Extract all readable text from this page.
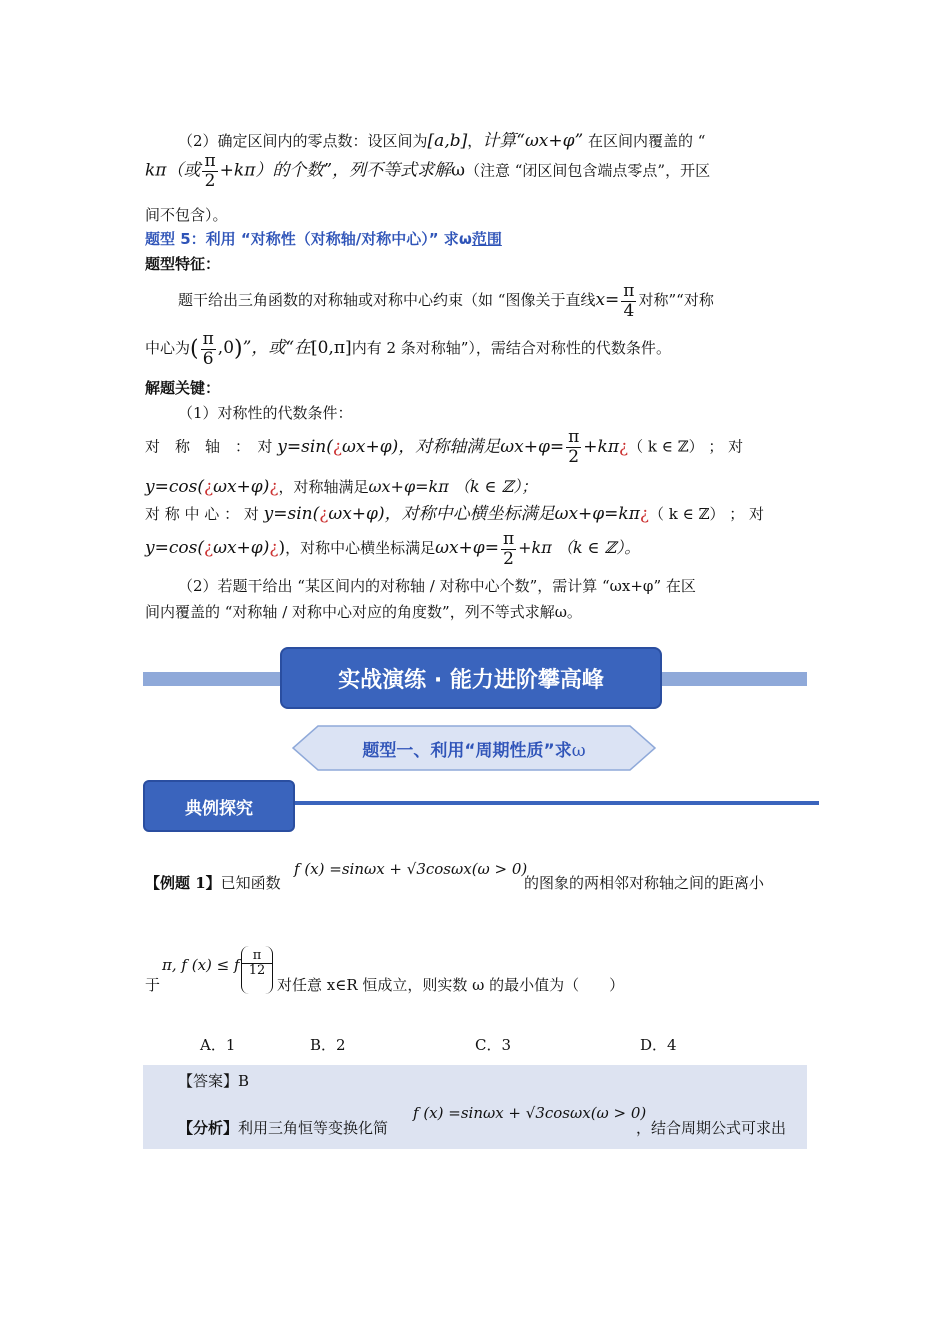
（2）确定区间内的零点数：设区间为[a,b]，计算“ωx+φ” 在区间内覆盖的 “
kπ（或 $\frac{\pi}{2} +k\pi$）的个数”，列不等式求解ω（注意 “闭区间包含端点零点”，开区
间不包含）。
题型 5：利用 “对称性（对称轴/对称中心）” 求ω范围
题型特征：
题干给出三角函数的对称轴或对称中心约束（如 “图像关于直线$x= \frac{\pi}{4}$ 对称”“对称
中心为( $\frac{\pi}{6} ,0$)”，或“在[0,π]内有 2 条对称轴”），需结合对称性的代数条件。
解题关键：
（1）对称性的代数条件：
对　称　轴　：　对 y=sin(¿ωx+φ)，对称轴满足$\omega x+\varphi= \frac{\pi}{2}$ +kπ¿（ k ∈ ℤ） ； 对
y=cos(¿ωx+φ)¿，对称轴满足ωx+φ=kπ （k ∈ ℤ）；
对 称 中 心 ： 对 y=sin(¿ωx+φ)，对称中心横坐标满足ωx+φ=kπ¿（ k ∈ ℤ） ； 对
y=cos(¿ωx+φ)¿)，对称中心横坐标满足$\omega x+\varphi= \frac{\pi}{2} +k\pi$ （k ∈ ℤ）。
（2）若题干给出 “某区间内的对称轴 / 对称中心个数”，需计算 “ωx+φ” 在区
间内覆盖的 “对称轴 / 对称中心对应的角度数”，列不等式求解ω。
实战演练 · 能力进阶攀高峰
题型一、利用“周期性质”求ω
典例探究
【例题 1】已知函数
f (x) =sinωx + √3cosωx(ω > 0)
的图象的两相邻对称轴之间的距离小
于
π, f (x) ≤ f
π
12
对任意 x∈R 恒成立，则实数 ω 的最小值为（　　）
A．1	B．2	C．3	D．4
【答案】B
【分析】利用三角恒等变换化简
f (x) =sinωx + √3cosωx(ω > 0)
，结合周期公式可求出
